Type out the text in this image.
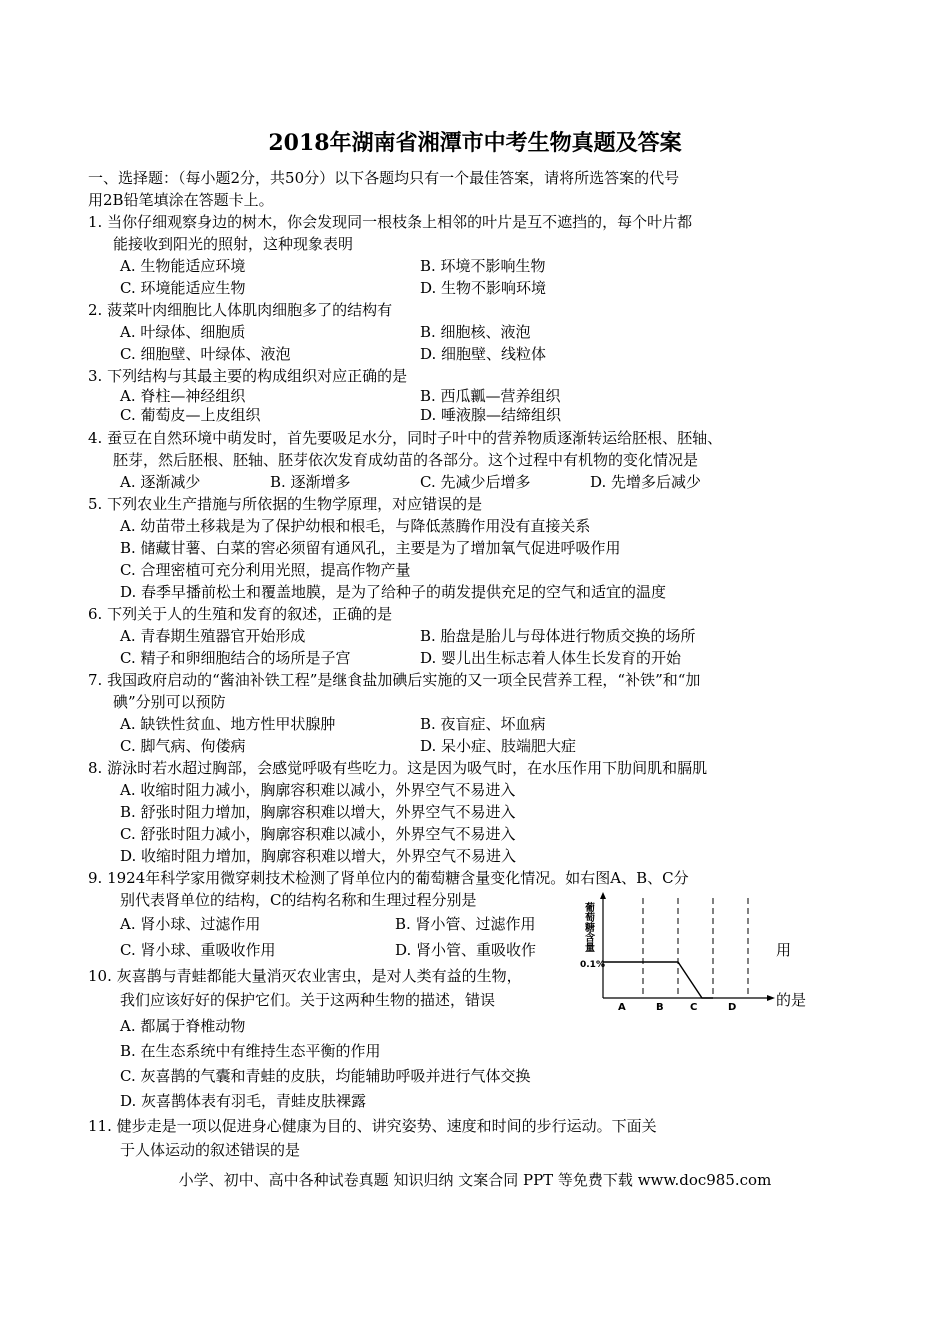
2018年湖南省湘潭市中考生物真题及答案
一、选择题：（每小题2分，共50分）以下各题均只有一个最佳答案，请将所选答案的代号
用2B铅笔填涂在答题卡上。
1. 当你仔细观察身边的树木，你会发现同一根枝条上相邻的叶片是互不遮挡的，每个叶片都
能接收到阳光的照射，这种现象表明
A. 生物能适应环境	B. 环境不影响生物
C. 环境能适应生物	D. 生物不影响环境
2. 菠菜叶肉细胞比人体肌肉细胞多了的结构有
A. 叶绿体、细胞质	B. 细胞核、液泡
C. 细胞壁、叶绿体、液泡	D. 细胞壁、线粒体
3. 下列结构与其最主要的构成组织对应正确的是
A. 脊柱—神经组织	B. 西瓜瓤—营养组织
C. 葡萄皮—上皮组织	D. 唾液腺—结缔组织
4. 蚕豆在自然环境中萌发时，首先要吸足水分，同时子叶中的营养物质逐渐转运给胚根、胚轴、
胚芽，然后胚根、胚轴、胚芽依次发育成幼苗的各部分。这个过程中有机物的变化情况是
A. 逐渐减少	B. 逐渐增多	C. 先减少后增多	D. 先增多后减少
5. 下列农业生产措施与所依据的生物学原理，对应错误的是
A. 幼苗带土移栽是为了保护幼根和根毛，与降低蒸腾作用没有直接关系
B. 储藏甘薯、白菜的窖必须留有通风孔，主要是为了增加氧气促进呼吸作用
C. 合理密植可充分利用光照，提高作物产量
D. 春季早播前松土和覆盖地膜，是为了给种子的萌发提供充足的空气和适宜的温度
6. 下列关于人的生殖和发育的叙述，正确的是
A. 青春期生殖器官开始形成	B. 胎盘是胎儿与母体进行物质交换的场所
C. 精子和卵细胞结合的场所是子宫	D. 婴儿出生标志着人体生长发育的开始
7. 我国政府启动的“酱油补铁工程”是继食盐加碘后实施的又一项全民营养工程，“补铁”和“加
碘”分别可以预防
A. 缺铁性贫血、地方性甲状腺肿	B. 夜盲症、坏血病
C. 脚气病、佝偻病	D. 呆小症、肢端肥大症
8. 游泳时若水超过胸部，会感觉呼吸有些吃力。这是因为吸气时，在水压作用下肋间肌和膈肌
A. 收缩时阻力减小，胸廓容积难以减小，外界空气不易进入
B. 舒张时阻力增加，胸廓容积难以增大，外界空气不易进入
C. 舒张时阻力减小，胸廓容积难以减小，外界空气不易进入
D. 收缩时阻力增加，胸廓容积难以增大，外界空气不易进入
9. 1924年科学家用微穿刺技术检测了肾单位内的葡萄糖含量变化情况。如右图A、B、C分
别代表肾单位的结构，C的结构名称和生理过程分别是
A. 肾小球、过滤作用	B. 肾小管、过滤作用
C. 肾小球、重吸收作用	D. 肾小管、重吸收作	用
葡萄糖含量
0.1%
A	B	C	D
10. 灰喜鹊与青蛙都能大量消灭农业害虫，是对人类有益的生物，
我们应该好好的保护它们。关于这两种生物的描述，错误	的是
A. 都属于脊椎动物
B. 在生态系统中有维持生态平衡的作用
C. 灰喜鹊的气囊和青蛙的皮肤，均能辅助呼吸并进行气体交换
D. 灰喜鹊体表有羽毛，青蛙皮肤裸露
11. 健步走是一项以促进身心健康为目的、讲究姿势、速度和时间的步行运动。下面关
于人体运动的叙述错误的是
小学、初中、高中各种试卷真题 知识归纳 文案合同 PPT 等免费下载 www.doc985.com
